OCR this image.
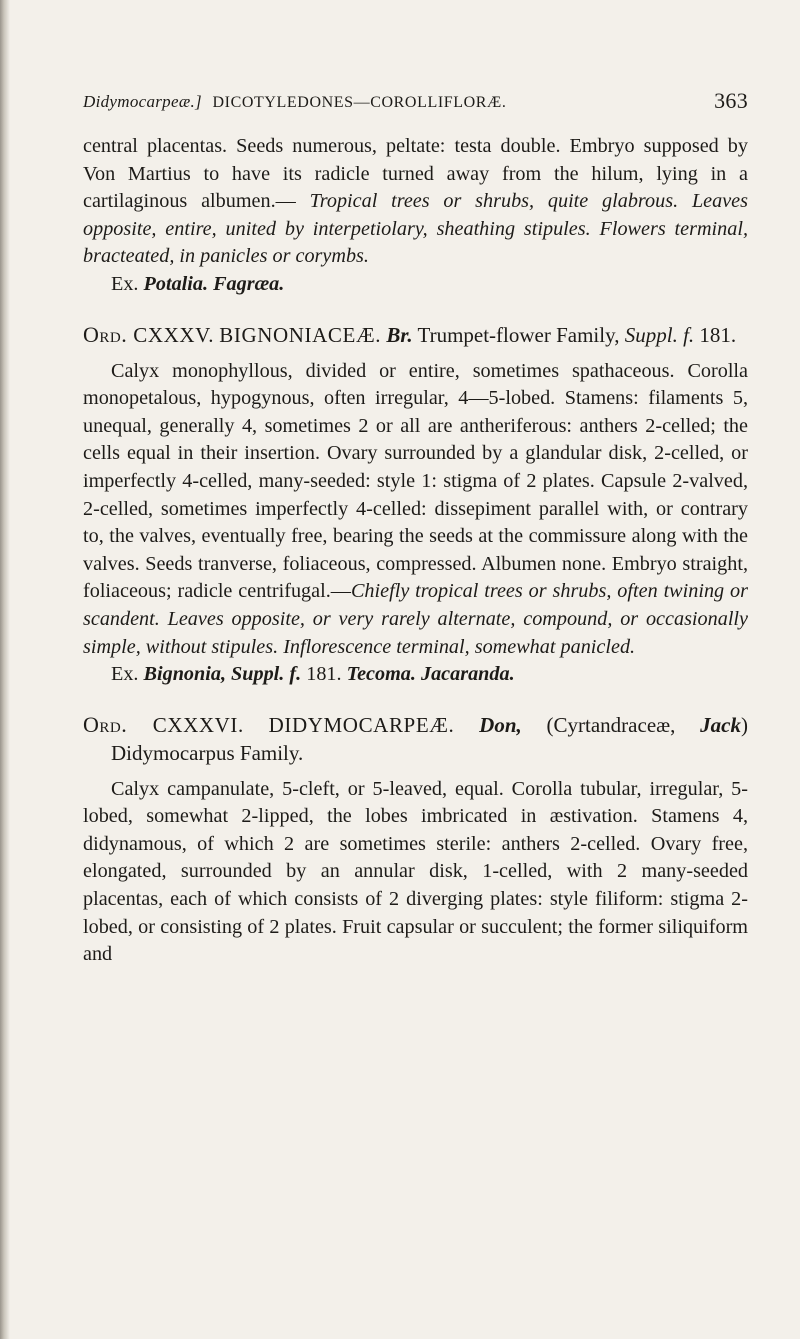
Didymocarpeæ.] DICOTYLEDONES—COROLLIFLORÆ.	363

central placentas. Seeds numerous, peltate: testa double. Embryo supposed by Von Martius to have its radicle turned away from the hilum, lying in a cartilaginous albumen.— Tropical trees or shrubs, quite glabrous. Leaves opposite, entire, united by interpetiolary, sheathing stipules. Flowers terminal, bracteated, in panicles or corymbs.

Ex. Potalia. Fagræa.

Ord. CXXXV. BIGNONIACEÆ. Br. Trumpet-flower Family, Suppl. f. 181.

Calyx monophyllous, divided or entire, sometimes spathaceous. Corolla monopetalous, hypogynous, often irregular, 4—5-lobed. Stamens: filaments 5, unequal, generally 4, sometimes 2 or all are antheriferous: anthers 2-celled; the cells equal in their insertion. Ovary surrounded by a glandular disk, 2-celled, or imperfectly 4-celled, many-seeded: style 1: stigma of 2 plates. Capsule 2-valved, 2-celled, sometimes imperfectly 4-celled: dissepiment parallel with, or contrary to, the valves, eventually free, bearing the seeds at the commissure along with the valves. Seeds tranverse, foliaceous, compressed. Albumen none. Embryo straight, foliaceous; radicle centrifugal.—Chiefly tropical trees or shrubs, often twining or scandent. Leaves opposite, or very rarely alternate, compound, or occasionally simple, without stipules. Inflorescence terminal, somewhat panicled.

Ex. Bignonia, Suppl. f. 181. Tecoma. Jacaranda.

Ord. CXXXVI. DIDYMOCARPEÆ. Don, (Cyrtandraceæ, Jack) Didymocarpus Family.

Calyx campanulate, 5-cleft, or 5-leaved, equal. Corolla tubular, irregular, 5-lobed, somewhat 2-lipped, the lobes imbricated in æstivation. Stamens 4, didynamous, of which 2 are sometimes sterile: anthers 2-celled. Ovary free, elongated, surrounded by an annular disk, 1-celled, with 2 many-seeded placentas, each of which consists of 2 diverging plates: style filiform: stigma 2-lobed, or consisting of 2 plates. Fruit capsular or succulent; the former siliquiform and
